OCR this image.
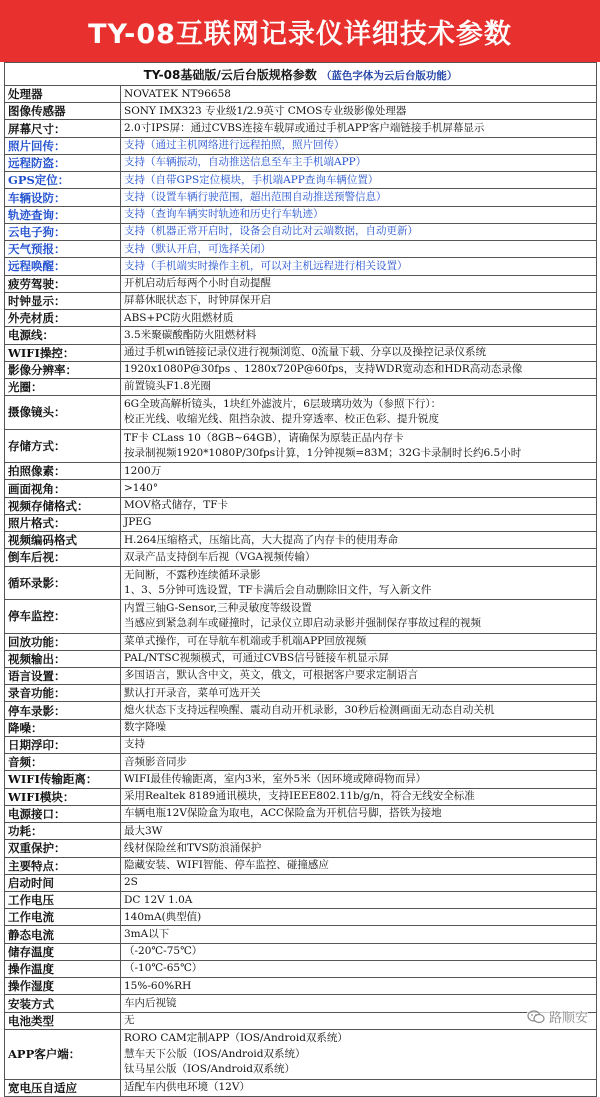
TY-08互联网记录仪详细技术参数
TY-08基础版/云后台版规格参数 （蓝色字体为云后台版功能）	
处理器	NOVATEK NT96658

图像传感器	SONY IMX323 专业级1/2.9英寸 CMOS专业级影像处理器

屏幕尺寸：	2.0寸IPS屏：通过CVBS连接车载屏或通过手机APP客户端链接手机屏幕显示

照片回传：	支持（通过主机网络进行远程拍照，照片回传）

远程防盗：	支持（车辆振动，自动推送信息至车主手机端APP）

GPS定位：	支持（自带GPS定位模块，手机端APP查询车辆位置）

车辆设防：	支持（设置车辆行驶范围，超出范围自动推送预警信息）

轨迹查询：	支持（查询车辆实时轨迹和历史行车轨迹）

云电子狗：	支持（机器正常开启时，设备会自动比对云端数据，自动更新）

天气预报：	支持（默认开启，可选择关闭）

远程唤醒：	支持（手机端实时操作主机，可以对主机远程进行相关设置）

疲劳驾驶：	开机启动后每两个小时自动提醒

时钟显示：	屏幕休眠状态下，时钟屏保开启

外壳材质：	ABS+PC防火阻燃材质

电源线：	3.5米聚碳酸酯防火阻燃材料

WIFI操控：	通过手机wifi链接记录仪进行视频浏览、0流量下载、分享以及操控记录仪系统

影像分辨率：	1920x1080P@30fps 、1280x720P@60fps，支持WDR宽动态和HDR高动态录像

光圈：	前置镜头F1.8光圈

摄像镜头：	6G全玻高解析镜头，1块红外滤波片，6层玻璃功效为（参照下行）：
校正光线、收缩光线、阻挡杂波、提升穿透率、校正色彩、提升锐度

存储方式：	TF卡 CLass 10（8GB~64GB），请确保为原装正品内存卡
按录制视频1920*1080P/30fps计算，1分钟视频=83M；32G卡录制时长约6.5小时

拍照像素：	1200万

画面视角：	>140°

视频存储格式：	MOV格式储存，TF卡

照片格式：	JPEG

视频编码格式	H.264压缩格式，压缩比高，大大提高了内存卡的使用寿命

倒车后视：	双录产品支持倒车后视（VGA视频传输）

循环录影：	无间断，不露秒连续循环录影
1、3、5分钟可选设置，TF卡满后会自动删除旧文件，写入新文件

停车监控：	内置三轴G-Sensor,三种灵敏度等级设置
当感应到紧急刹车或碰撞时，记录仪立即启动录影并强制保存事故过程的视频

回放功能：	菜单式操作，可在导航车机端或手机端APP回放视频

视频输出：	PAL/NTSC视频模式，可通过CVBS信号链接车机显示屏

语言设置：	多国语言，默认含中文，英文，俄文，可根据客户要求定制语言

录音功能：	默认打开录音，菜单可选开关

停车录影：	熄火状态下支持远程唤醒、震动自动开机录影，30秒后检测画面无动态自动关机

降噪：	数字降噪

日期浮印：	支持

音频：	音频影音同步

WIFI传输距离：	WIFI最佳传输距离，室内3米，室外5米（因环境或障碍物而异）

WIFI模块：	采用Realtek 8189通讯模块，支持IEEE802.11b/g/n，符合无线安全标准

电源接口：	车辆电瓶12V保险盒为取电，ACC保险盒为开机信号脚，搭铁为接地

功耗：	最大3W

双重保护：	线材保险丝和TVS防浪涌保护

主要特点：	隐藏安装、WIFI智能、停车监控、碰撞感应

启动时间	2S

工作电压	DC 12V 1.0A

工作电流	140mA(典型值)

静态电流	3mA以下

储存温度	（-20℃-75℃）

操作温度	（-10℃-65℃）

操作湿度	15%-60%RH

安装方式	车内后视镜

电池类型	无

APP客户端：	RORO CAM定制APP（IOS/Android双系统）
慧车天下公版（IOS/Android双系统）
钛马星公版（IOS/Android双系统）

宽电压自适应	适配车内供电环境（12V）
路顺安
